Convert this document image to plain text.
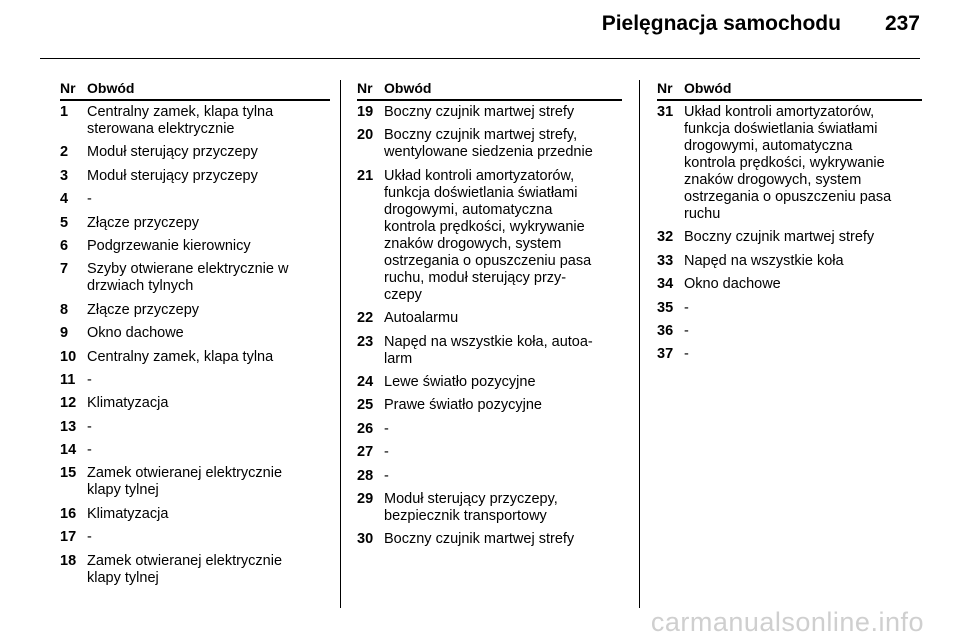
Pielęgnacja samochodu 237
Nr Obwód
1	Centralny zamek, klapa tylna
sterowana elektrycznie
2	Moduł sterujący przyczepy
3	Moduł sterujący przyczepy
4	-
5	Złącze przyczepy
6	Podgrzewanie kierownicy
7	Szyby otwierane elektrycznie w
drzwiach tylnych
8	Złącze przyczepy
9	Okno dachowe
10 Centralny zamek, klapa tylna
11 -
12 Klimatyzacja
13 -
14 -
15 Zamek otwieranej elektrycznie
klapy tylnej
16 Klimatyzacja
17 -
18 Zamek otwieranej elektrycznie
klapy tylnej
Nr Obwód
19 Boczny czujnik martwej strefy
20 Boczny czujnik martwej strefy,
wentylowane siedzenia przednie
21 Układ kontroli amortyzatorów,
funkcja doświetlania światłami
drogowymi, automatyczna
kontrola prędkości, wykrywanie
znaków drogowych, system
ostrzegania o opuszczeniu pasa
ruchu, moduł sterujący przy‐
czepy
22 Autoalarmu
23 Napęd na wszystkie koła, autoa‐
larm
24 Lewe światło pozycyjne
25 Prawe światło pozycyjne
26 -
27 -
28 -
29 Moduł sterujący przyczepy,
bezpiecznik transportowy
30 Boczny czujnik martwej strefy
Nr Obwód
31 Układ kontroli amortyzatorów,
funkcja doświetlania światłami
drogowymi, automatyczna
kontrola prędkości, wykrywanie
znaków drogowych, system
ostrzegania o opuszczeniu pasa
ruchu
32 Boczny czujnik martwej strefy
33 Napęd na wszystkie koła
34 Okno dachowe
35 -
36 -
37 -
carmanualsonline.info
